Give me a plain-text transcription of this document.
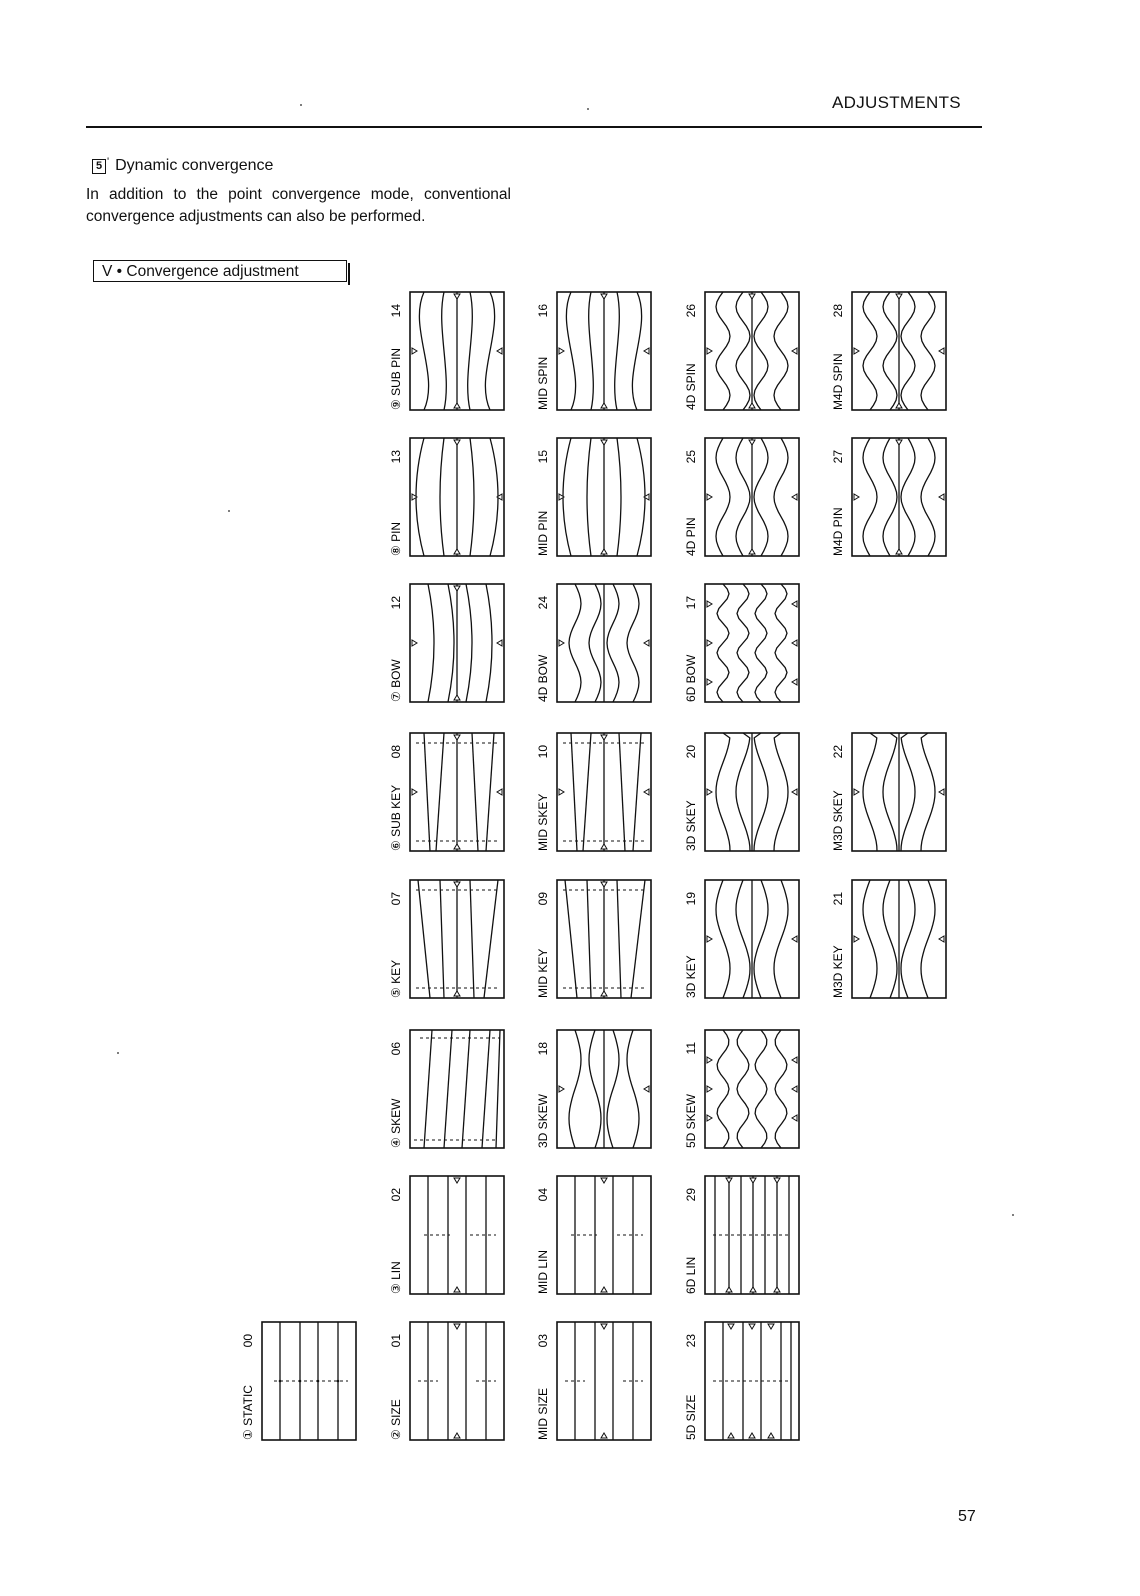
ADJUSTMENTS
5 ' Dynamic convergence
In addition to the point convergence mode, conventional convergence adjustments can also be performed.
V • Convergence adjustment
① STATIC
00
② SIZE
01
③ LIN
02
④ SKEW
06
⑤ KEY
07
⑥ SUB KEY
08
⑦ BOW
12
⑧ PIN
13
⑨ SUB PIN
14
MID SIZE
03
MID LIN
04
3D SKEW
18
MID KEY
09
MID SKEY
10
4D BOW
24
MID PIN
15
MID SPIN
16
5D SIZE
23
6D LIN
29
5D SKEW
11
3D KEY
19
3D SKEY
20
6D BOW
17
4D PIN
25
4D SPIN
26
M3D KEY
21
M3D SKEY
22
M4D PIN
27
M4D SPIN
28
57
